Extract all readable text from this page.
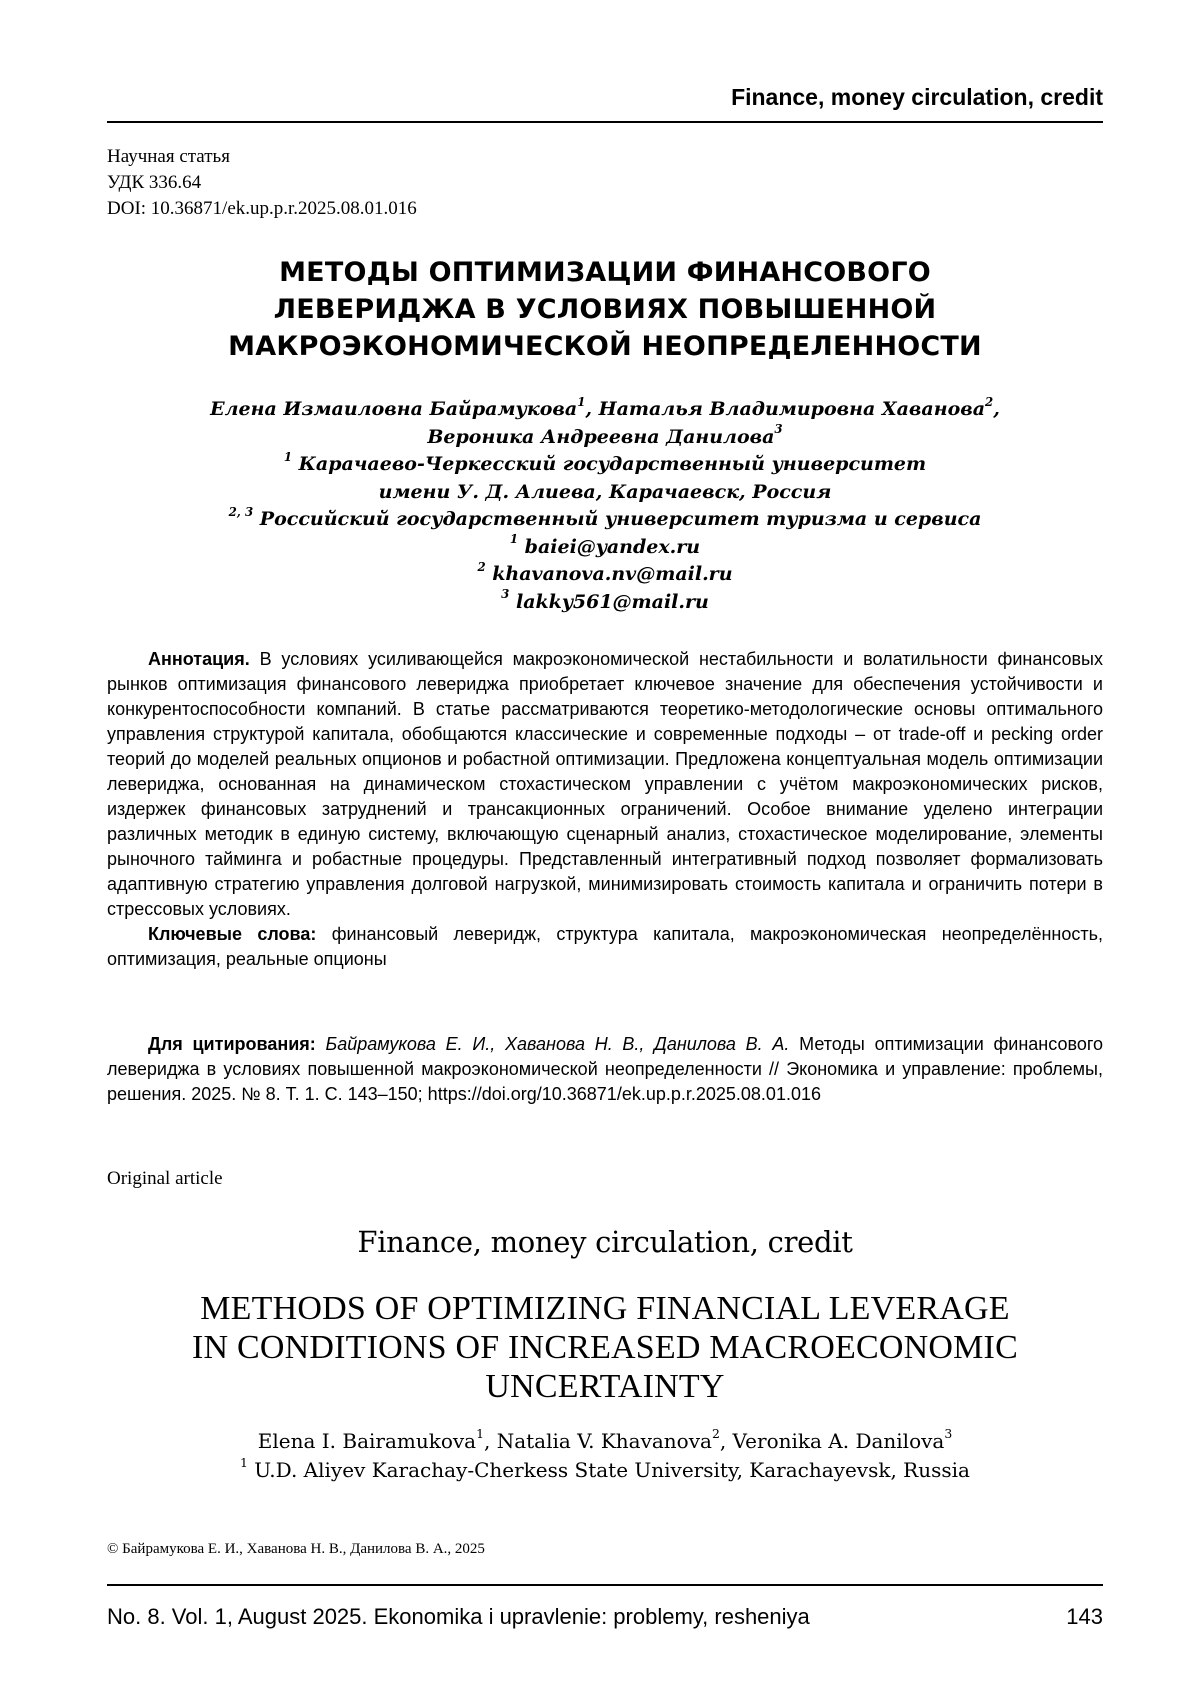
Finance, money circulation, credit
Научная статья
УДК 336.64
DOI: 10.36871/ek.up.p.r.2025.08.01.016
МЕТОДЫ ОПТИМИЗАЦИИ ФИНАНСОВОГО
ЛЕВЕРИДЖА В УСЛОВИЯХ ПОВЫШЕННОЙ
МАКРОЭКОНОМИЧЕСКОЙ НЕОПРЕДЕЛЕННОСТИ
Елена Измаиловна Байрамукова$^1$, Наталья Владимировна Хаванова$^2$,
Вероника Андреевна Данилова$^3$
$^1$ Карачаево-Черкесский государственный университет
имени У. Д. Алиева, Карачаевск, Россия
$^{2, 3}$ Российский государственный университет туризма и сервиса
$^1$ baiei@yandex.ru
$^2$ khavanova.nv@mail.ru
$^3$ lakky561@mail.ru

Аннотация. В условиях усиливающейся макроэкономической нестабильности и волатильности финансовых рынков оптимизация финансового левериджа приобретает ключевое значение для обеспечения устойчивости и конкурентоспособности компаний. В статье рассматриваются теоретико-методологические основы оптимального управления структурой капитала, обобщаются классические и современные подходы – от trade-off и pecking order теорий до моделей реальных опционов и робастной оптимизации. Предложена концептуальная модель оптимизации левериджа, основанная на динамическом стохастическом управлении с учётом макроэкономических рисков, издержек финансовых затруднений и трансакционных ограничений. Особое внимание уделено интеграции различных методик в единую систему, включающую сценарный анализ, стохастическое моделирование, элементы рыночного тайминга и робастные процедуры. Представленный интегративный подход позволяет формализовать адаптивную стратегию управления долговой нагрузкой, минимизировать стоимость капитала и ограничить потери в стрессовых условиях.

Ключевые слова: финансовый леверидж, структура капитала, макроэкономическая неопределённость, оптимизация, реальные опционы

Для цитирования: Байрамукова Е. И., Хаванова Н. В., Данилова В. А. Методы оптимизации финансового левериджа в условиях повышенной макроэкономической неопределенности // Экономика и управление: проблемы, решения. 2025. № 8. Т. 1. С. 143–150; https://doi.org/10.36871/ek.up.p.r.2025.08.01.016

Original article
Finance, money circulation, credit
METHODS OF OPTIMIZING FINANCIAL LEVERAGE
IN CONDITIONS OF INCREASED MACROECONOMIC
UNCERTAINTY
Elena I. Bairamukova$^1$, Natalia V. Khavanova$^2$, Veronika A. Danilova$^3$
$^1$ U.D. Aliyev Karachay-Cherkess State University, Karachayevsk, Russia
© Байрамукова Е. И., Хаванова Н. В., Данилова В. А., 2025
No. 8. Vol. 1, August 2025. Ekonomika i upravlenie: problemy, resheniya	143
